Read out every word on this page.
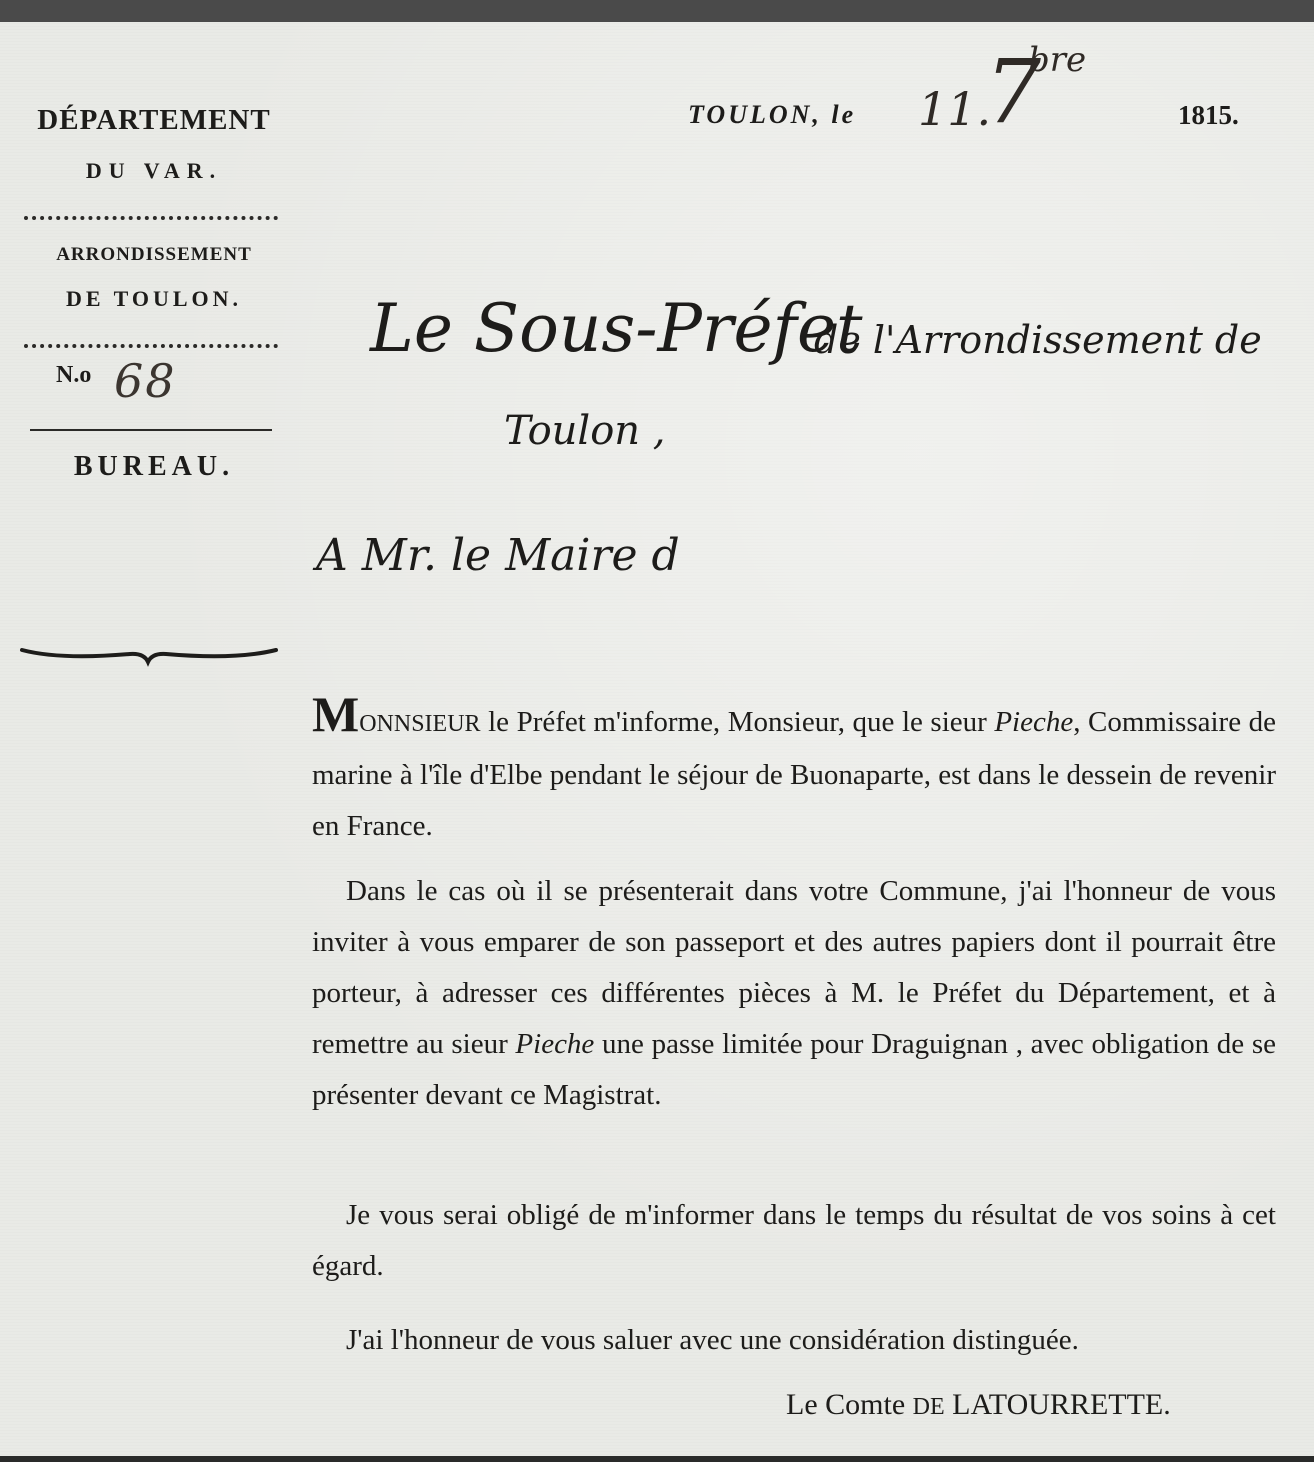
DÉPARTEMENT
DU VAR.
ARRONDISSEMENT
DE TOULON.
N.o 68
BUREAU.
TOULON, le 11.
7
bre
1815.
Le Sous-Préfet
de l'Arrondissement de
Toulon ,
A Mr. le Maire d
MONNSIEUR le Préfet m'informe, Monsieur, que le sieur Pieche, Commissaire de marine à l'île d'Elbe pendant le séjour de Buonaparte, est dans le dessein de revenir en France.
Dans le cas où il se présenterait dans votre Commune, j'ai l'honneur de vous inviter à vous emparer de son passeport et des autres papiers dont il pourrait être porteur, à adresser ces différentes pièces à M. le Préfet du Département, et à remettre au sieur Pieche une passe limitée pour Draguignan , avec obligation de se présenter devant ce Magistrat.
Je vous serai obligé de m'informer dans le temps du résultat de vos soins à cet égard.
J'ai l'honneur de vous saluer avec une considération distinguée.
Le Comte DE LATOURRETTE.
